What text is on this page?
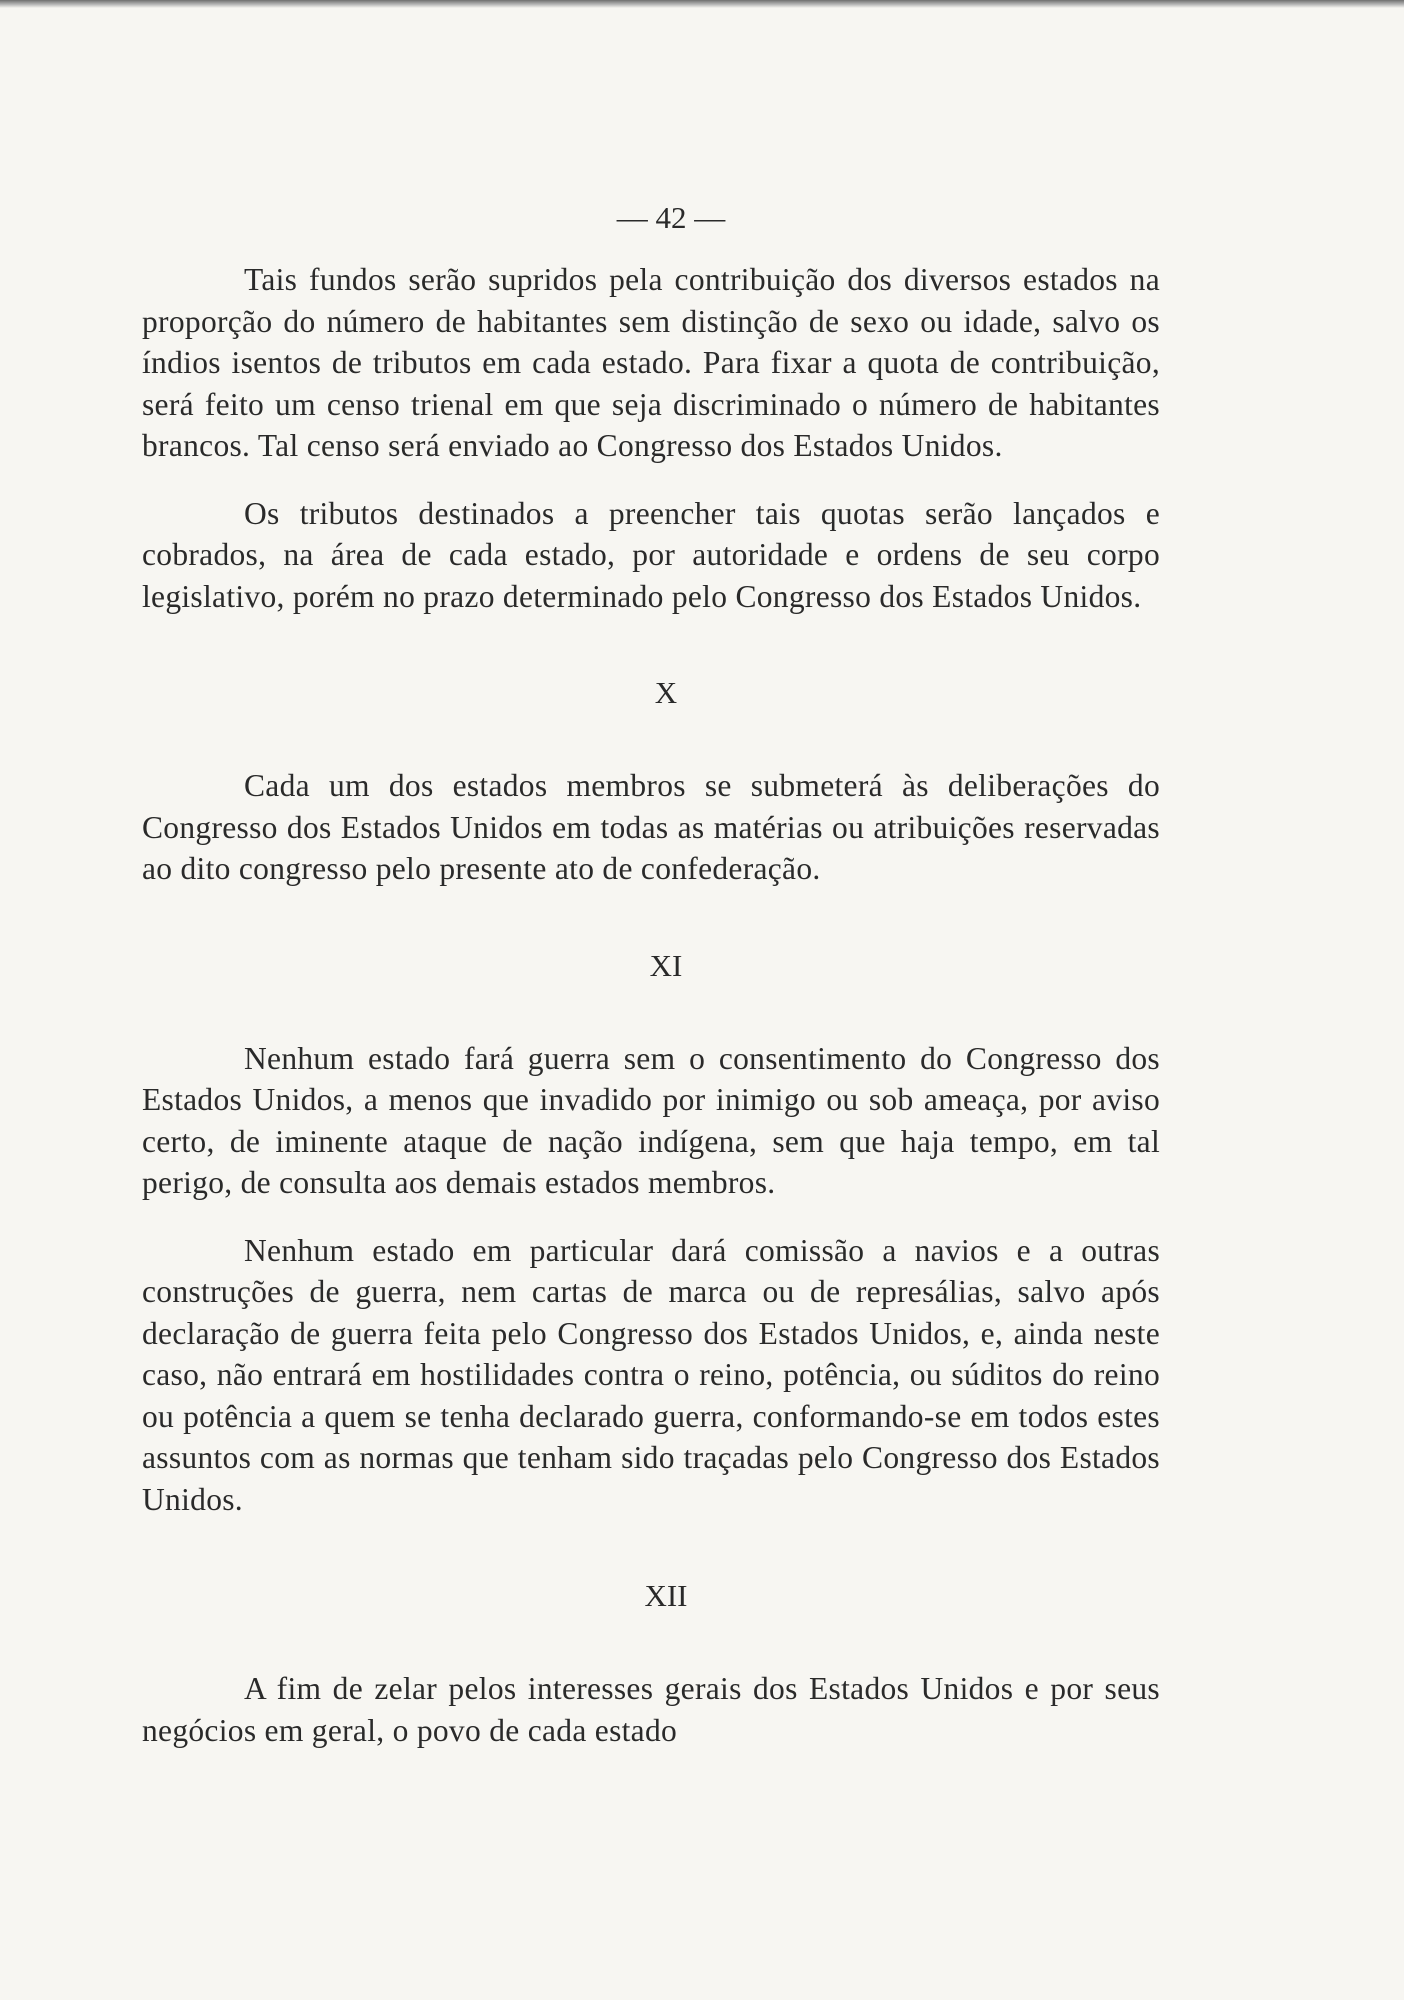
— 42 —

Tais fundos serão supridos pela contribuição dos diversos estados na proporção do número de habitantes sem distinção de sexo ou idade, salvo os índios isentos de tributos em cada estado. Para fixar a quota de contribuição, será feito um censo trienal em que seja discriminado o número de habitantes brancos. Tal censo será enviado ao Congresso dos Estados Unidos.

Os tributos destinados a preencher tais quotas serão lançados e cobrados, na área de cada estado, por autoridade e ordens de seu corpo legislativo, porém no prazo determinado pelo Congresso dos Estados Unidos.

X

Cada um dos estados membros se submeterá às deliberações do Congresso dos Estados Unidos em todas as matérias ou atribuições reservadas ao dito congresso pelo presente ato de confederação.

XI

Nenhum estado fará guerra sem o consentimento do Congresso dos Estados Unidos, a menos que invadido por inimigo ou sob ameaça, por aviso certo, de iminente ataque de nação indígena, sem que haja tempo, em tal perigo, de consulta aos demais estados membros.

Nenhum estado em particular dará comissão a navios e a outras construções de guerra, nem cartas de marca ou de represálias, salvo após declaração de guerra feita pelo Congresso dos Estados Unidos, e, ainda neste caso, não entrará em hostilidades contra o reino, potência, ou súditos do reino ou potência a quem se tenha declarado guerra, conformando-se em todos estes assuntos com as normas que tenham sido traçadas pelo Congresso dos Estados Unidos.

XII

A fim de zelar pelos interesses gerais dos Estados Unidos e por seus negócios em geral, o povo de cada estado
